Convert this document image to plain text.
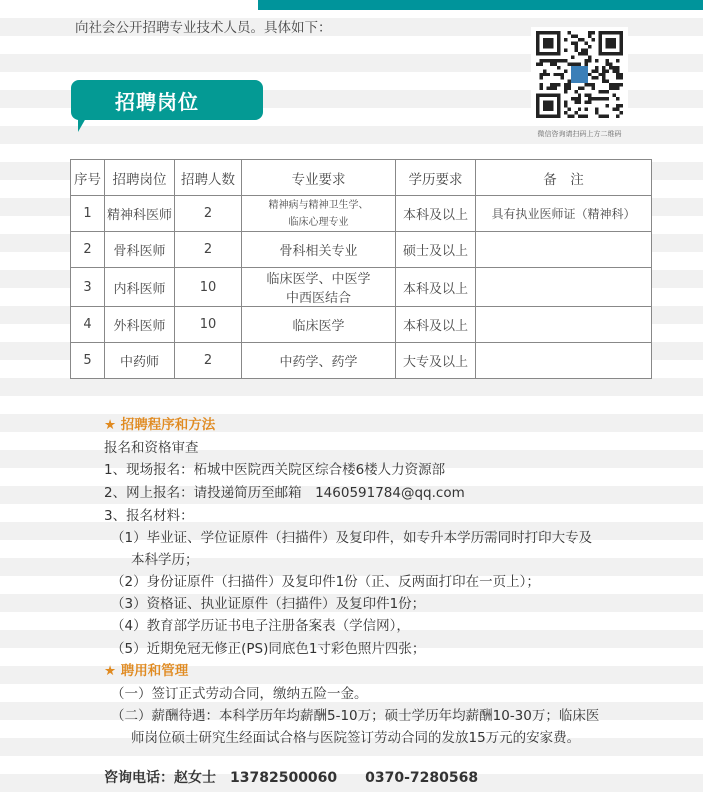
向社会公开招聘专业技术人员。具体如下：
招聘岗位
微信咨询请扫码上方二维码
序号	招聘岗位	招聘人数	专业要求	学历要求	备　注
1	精神科医师	2	精神病与精神卫生学、
临床心理专业	本科及以上	具有执业医师证（精神科）
2	骨科医师	2	骨科相关专业	硕士及以上	
3	内科医师	10	临床医学、中医学
中西医结合	本科及以上	
4	外科医师	10	临床医学	本科及以上	
5	中药师	2	中药学、药学	大专及以上	
★ 招聘程序和方法
报名和资格审查
1、现场报名：柘城中医院西关院区综合楼6楼人力资源部
2、网上报名：请投递简历至邮箱　1460591784@qq.com
3、报名材料：
（1）毕业证、学位证原件（扫描件）及复印件，如专升本学历需同时打印大专及
本科学历；
（2）身份证原件（扫描件）及复印件1份（正、反两面打印在一页上）；
（3）资格证、执业证原件（扫描件）及复印件1份；
（4）教育部学历证书电子注册备案表（学信网），
（5）近期免冠无修正(PS)同底色1寸彩色照片四张；
★ 聘用和管理
（一）签订正式劳动合同，缴纳五险一金。
（二）薪酬待遇：本科学历年均薪酬5-10万；硕士学历年均薪酬10-30万；临床医
师岗位硕士研究生经面试合格与医院签订劳动合同的发放15万元的安家费。
咨询电话：赵女士　13782500060　　0370-7280568
